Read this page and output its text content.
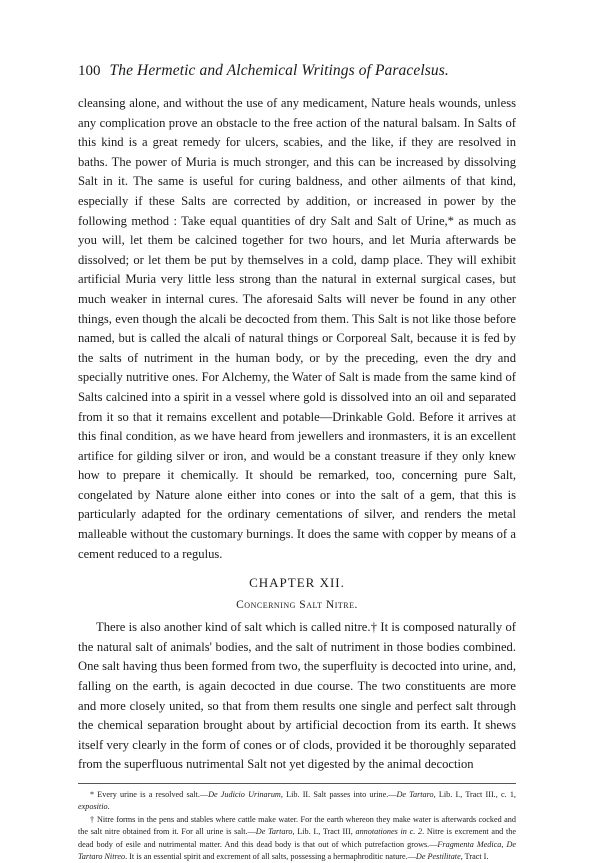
100 The Hermetic and Alchemical Writings of Paracelsus.

cleansing alone, and without the use of any medicament, Nature heals wounds, unless any complication prove an obstacle to the free action of the natural balsam. In Salts of this kind is a great remedy for ulcers, scabies, and the like, if they are resolved in baths. The power of Muria is much stronger, and this can be increased by dissolving Salt in it. The same is useful for curing baldness, and other ailments of that kind, especially if these Salts are corrected by addition, or increased in power by the following method : Take equal quantities of dry Salt and Salt of Urine,* as much as you will, let them be calcined together for two hours, and let Muria afterwards be dissolved; or let them be put by themselves in a cold, damp place. They will exhibit artificial Muria very little less strong than the natural in external surgical cases, but much weaker in internal cures. The aforesaid Salts will never be found in any other things, even though the alcali be decocted from them. This Salt is not like those before named, but is called the alcali of natural things or Corporeal Salt, because it is fed by the salts of nutriment in the human body, or by the preceding, even the dry and specially nutritive ones. For Alchemy, the Water of Salt is made from the same kind of Salts calcined into a spirit in a vessel where gold is dissolved into an oil and separated from it so that it remains excellent and potable—Drinkable Gold. Before it arrives at this final condition, as we have heard from jewellers and ironmasters, it is an excellent artifice for gilding silver or iron, and would be a constant treasure if they only knew how to prepare it chemically. It should be remarked, too, concerning pure Salt, congelated by Nature alone either into cones or into the salt of a gem, that this is particularly adapted for the ordinary cementations of silver, and renders the metal malleable without the customary burnings. It does the same with copper by means of a cement reduced to a regulus.

CHAPTER XII.
Concerning Salt Nitre.

There is also another kind of salt which is called nitre.† It is composed naturally of the natural salt of animals' bodies, and the salt of nutriment in those bodies combined. One salt having thus been formed from two, the superfluity is decocted into urine, and, falling on the earth, is again decocted in due course. The two constituents are more and more closely united, so that from them results one single and perfect salt through the chemical separation brought about by artificial decoction from its earth. It shews itself very clearly in the form of cones or of clods, provided it be thoroughly separated from the superfluous nutrimental Salt not yet digested by the animal decoction

* Every urine is a resolved salt.—De Judicio Urinarum, Lib. II. Salt passes into urine.—De Tartaro, Lib. I., Tract III., c. 1, expositio.

† Nitre forms in the pens and stables where cattle make water. For the earth whereon they make water is afterwards cocked and the salt nitre obtained from it. For all urine is salt.—De Tartaro, Lib. I., Tract III, annotationes in c. 2. Nitre is excrement and the dead body of esile and nutrimental matter. And this dead body is that out of which putrefaction grows.—Fragmenta Medica, De Tartaro Nitreo. It is an essential spirit and excrement of all salts, possessing a hermaphroditic nature.—De Pestilitate, Tract I.
